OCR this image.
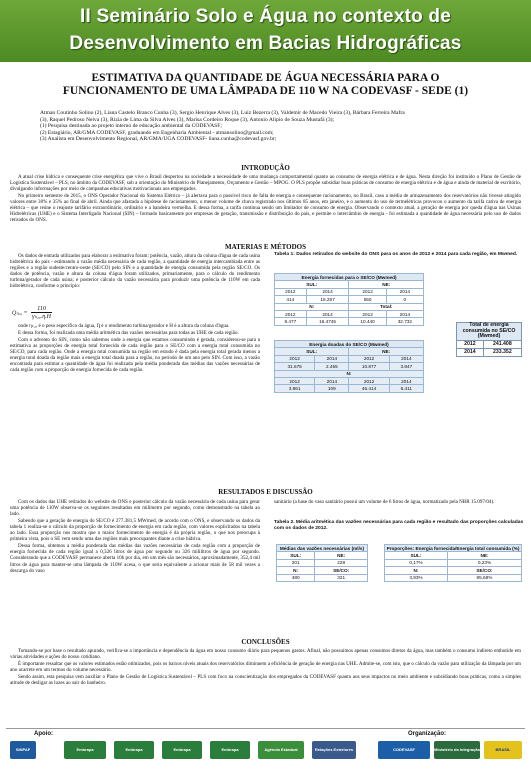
II Seminário Solo e Água no contexto de
Desenvolvimento em Bacias Hidrográficas
ESTIMATIVA DA QUANTIDADE DE ÁGUA NECESSÁRIA PARA O
FUNCIONAMENTO DE UMA LÂMPADA DE 110 W NA CODEVASF - SEDE (1)
Atman Coutinho Solino (2), Liana Castelo Branco Cunha (3), Sergio Henrique Alves (3), Luiz Bezerra (3), Valdemir de Macedo Vieira (3), Bárbara Ferreira Mafra
(3), Raquel Pedroso Neiva (3), Rizia de Lima da Silva Alves (3), Marisa Cordeiro Roque (3), Antonio Alípio de Souza Mustafá (3);
(1) Pesquisa destinada ao projeto interno de educação ambiental da CODEVASF;
(2) Estagiário, AR/GMA CODEVASF, graduando em Engenharia Ambiental - atmansolino@gmail.com;
(3) Analista em Desenvolvimento Regional, AR/GMA/UGA CODEVASF- liana.cunha@codevasf.gov.br;
INTRODUÇÃO

A atual crise hídrica e consequente crise energética que vive o Brasil despertou na sociedade a necessidade de uma mudança comportamental quanto ao consumo de energia elétrica e de água. Nesta direção foi instituído o Plano de Gestão de Logística Sustentável – PLS, no âmbito da CODEVASF, sob a orientação do Ministério do Planejamento, Orçamento e Gestão – MPOG. O PLS propõe subsidiar boas práticas de consumo de energia elétrica e de água e ainda de material de escritório, divulgando informações por meio de campanhas educativas motivacionais aos empregados.

No primeiro semestre de 2015, o ONS Operador Nacional do Sistema Elétrico – já alertava para o possível risco de falta de energia e consequente racionamento, no Brasil, caso a média de armazenamento dos reservatórios não tivesse atingido valores entre 30% e 35% ao final de abril. Ainda que afastada a hipótese de racionamento, o menor volume de chuva registrado nos últimos 85 anos, em janeiro, e o aumento do uso de termelétricas provocou o aumento da tarifa cativa de energia elétrica – que reúne o reajuste tarifário extraordinário, ordinário e a bandeira vermelha. E dessa forma, a tarifa continua sendo um limitador de consumo de energia. Observando o contexto atual, a geração de energia por queda d'água nas Usinas Hidrelétricas (UHE) e o Sistema Interligado Nacional (SIN) – formado basicamente por empresas de geração, transmissão e distribuição do país, e permite o intercâmbio de energia - foi estimada a quantidade de água necessária pelo uso de dados retirados do ONS.

MATERIAS E MÉTODOS

Os dados de entrada utilizados para elaborar a estimativa foram: potência, vazão, altura da coluna d'água de cada usina hidrelétrica do país - estimando a vazão média necessária de cada região, a quantidade de energia intercambiada entre as regiões e a região sudeste/centro-oeste (SE/CO) pelo SIN e a quantidade de energia consumida pela região SE/CO. Os dados de potência, vazão e altura da coluna d'água foram utilizados, primariamente, para o cálculo do rendimento turbina/gerador de cada usina; e posterior cálculo da vazão necessária para produzir uma potência de 110W em cada hidrelétrica, conforme o princípio:

$Q_{nea} = \frac{110}{\text{γₕ₂ₒ.η.H}}$

onde ηₖ₂ₒ é o peso específico da água, Ƞ é o rendimento turbina/gerador e H é a altura da coluna d'água.

E dessa forma, foi realizada uma média aritmética das vazões necessárias para todas as UHE de cada região.

Com o advento do SIN, como não sabemos onde a energia que estamos consumindo é gerada, considerou-se para a estimativa as proporções de energia total fornecida de cada região para o SE/CO com a energia total consumida no SE/CO, para cada região. Onde a energia total consumida na região em estudo é dada pela energia total gerada menos a energia total doada da região mais a energia total doada para a região, no período de um ano pelo SIN. Com isso, a vazão encontrada para estimar a quantidade de água foi realizada pela média ponderada das médias das vazões necessárias de cada região com a proporção de energia fornecida de cada região.

Tabela 1: Dados retirados do website do ONS para os anos de 2012 e 2014 para cada região, em Mwmed.
Energia fornecidas para o SE/CO (Mwmed)			
SUL:		NE:	
2012	2014	2012	2014
414	16.257	550	0
N:		Total:	
2012	2014	2012	2014
9.477	16.4745	10.440	32.732
Energia doadas do SE/CO (Mwmed)			
SUL:		NE:	
2012	2014	2012	2014
31.675	2.455	10.877	3.847
N:			
2012	2014	2012	2014
3.861	109	46.414	6.411
Total de energia consumida no SE/CO (Mwmed)	
2012	241.408
2014	233.352
RESULTADOS E DISCUSSÃO

Com os dados das UHE retirados do website do ONS e posterior cálculo da vazão necessária de cada usina para gerar uma potência de 110W observa-se os seguintes resultados em milímetro por segundo, como demonstrado na tabela ao lado.

Sabendo que a geração de energia do SE/CO é 277.381,5 MWmed, de acordo com o ONS, e observando os dados da tabela 1 realiza-se o cálculo da proporção de fornecimento de energia em cada região, com valores explicitados na tabela ao lado. Essa proporção nos mostra que o maior fornecimento de energia é da própria região, o que nos preocupa à primeira vista, pois o SE vem sendo uma das regiões mais preocupantes diante a crise hídrica.

Dessa forma, obtemos a média ponderada das médias das vazões necessárias de cada região com a proporção de energia fornecida de cada região igual a 0,326 litros de água por segundo ou 326 mililitros de água por segundo. Considerando que a CODEVASF permanece aberta 10h por dia, em um mês são necessários, aproximadamente, 352,4 mil litros de água para manter-se uma lâmpada de 110W acesa, o que seria equivalente a acionar mais de 58 mil vezes a descarga do vaso

sanitário (a base do vaso sanitário possui um volume de 6 litros de água, normatizado pela NBR 15.097/04).

Tabela 2. Média aritmética das vazões necessárias para cada região e resultado das proporções calculadas com os dados de 2012.
Médias das vazões necessárias (ml/s)	
SUL:	NE:
201	228
N:	SE/CO:
480	321
Proporções: Energia fornecida/Energia total consumida (%)	
SUL:	NE:
0,17%	0,23%
N:	SE/CO:
3,93%	95,68%
CONCLUSÕES

Tomando-se por base o resultado apurado, verifica-se a importância e dependência da água em nosso consumo diário para pequenos gastos. Afinal, não possuímos apenas consumos diretos da água, mas também o consumo indireto embutido em várias atividades e ações do nosso cotidiano.

É importante ressaltar que os valores estimados estão otimizados, pois os baixos níveis atuais dos reservatórios diminuem a eficiência de geração de energia nas UHE. Admite-se, com isto, que o cálculo da vazão para utilização da lâmpada por um ano acarrete em um termos do volume necessário.

Sendo assim, esta pesquisa vem auxiliar o Plano de Gestão de Logística Sustentável – PLS com foco na conscientização dos empregados da CODEVASF quanto aos seus impactos no meio ambiente e subsidiando boas práticas, como a simples atitude de desligar as luzes ao sair do banheiro.

Apoio:	Organização:
SINPAF	Embrapa	Embrapa	Embrapa	Embrapa	Agência Estadual	Relações Exteriores	CODEVASF	Ministério da Integração Nacional
BRASIL
